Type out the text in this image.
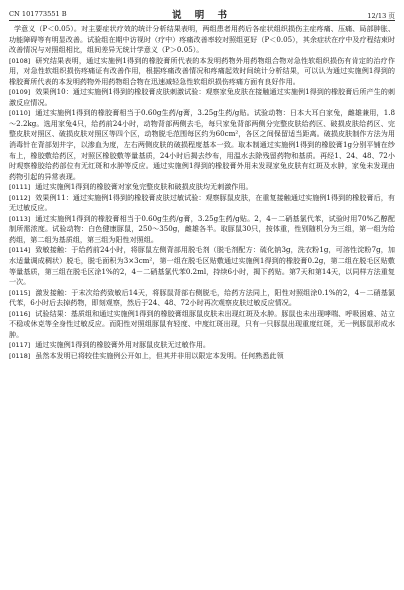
CN 101773551 B	说 明 书	12/13 页

学意义（P＜0.05）。对主要症状疗效的统计分析结果表明，两组患者用药后各症状组织损伤主症疼痛、压痛、局部肿胀、功能障碍等有明显改善。试验组在期中访视时（疗中）疼痛改善率较对照组更好（P＜0.05），其余症状在疗中及疗程结束时改善情况与对照组相比，组间差异无统计学意义（P＞0.05）。

[0108] 研究结果表明，通过实施例1得到的橡胶膏所代表的本发明药物外用药物组合物对急性软组织损伤有肯定的治疗作用，对急性软组织损伤疼痛证有改善作用，根据疼痛改善情况和疼痛起效时间统计分析结果，可以认为通过实施例1得到的橡胶膏所代表的本发明药物外用药物组合物在迅速减轻急性软组织损伤疼痛方面有良好作用。

[0109] 效果例10：通过实施例1得到的橡胶膏皮肤刺激试验：观察家兔皮肤在接触通过实施例1得到的橡胶膏后所产生的刺激反应情况。

[0110] 通过实施例1得到的橡胶膏相当于0.60g生药/g膏，3.25g生药/g贴。试验动物：日本大耳白家兔，雌雄兼用，1.8～2.2kg。选用家兔4只，给药前24小时，动物背部两侧去毛，每只家兔背部两侧分完整皮肤给药区、破损皮肤给药区、完整皮肤对照区、破损皮肤对照区等四个区，动物脱毛范围每区约为60cm²，各区之间保留适当距离。破损皮肤制作方法为用消毒针在背部划井字，以渗血为度，左右两侧皮肤的破损程度基本一致。取本制通过实施例1得到的橡胶膏1g分别平铺在纱布上，橡胶敷给药区，对照区橡胶敷等量基质，24小时后揭去纱布，用温水去除残留药物和基质。再经1、24、48、72小时观察橡胶给药部位有无红斑和水肿等反应。通过实施例1得到的橡胶膏外用未发现家兔皮肤有红斑及水肿，家兔未发现由药物引起的异常表现。

[0111] 通过实施例1得到的橡胶膏对家兔完整皮肤和破损皮肤均无刺激作用。

[0112] 效果例11：通过实施例1得到的橡胶膏皮肤过敏试验：观察豚鼠皮肤，在重复接触通过实施例1得到的橡胶膏后，有无过敏反应。

[0113] 通过实施例1得到的橡胶膏相当于0.60g生药/g膏，3.25g生药/g贴。2，4－二硝基氯代苯，试验时用70%乙醇配制所需浓度。试验动物：白色健康豚鼠，250～350g，雌雄各半。取豚鼠30只，按体重，性别随机分为三组，第一组为给药组，第二组为基质组，第三组为阳性对照组。

[0114] 致敏接触：于给药前24小时，将豚鼠左侧背部用脱毛剂（脱毛剂配方：硫化钠3g，洗衣粉1g，可溶性淀粉7g，加水适量调成稠状）脱毛，脱毛面积为3×3cm²，第一组在脱毛区贴敷通过实施例1得到的橡胶膏0.2g，第二组在脱毛区贴敷等量基质，第三组在脱毛区涂1%的2，4－二硝基氯代苯0.2ml，持续6小时，揭下药贴。第7天和第14天，以同样方法重复一次。

[0115] 激发接触：于末次给药致敏后14天，将豚鼠背部右侧脱毛，给药方法同上，阳性对照组涂0.1%的2，4－二硝基氯代苯，6小时后去掉药物，即刻观察，然后于24、48、72小时再次观察皮肤过敏反应情况。

[0116] 试验结果：基质组和通过实施例1得到的橡胶膏组豚鼠皮肤未出现红斑及水肿。豚鼠也未出现哮喘、呼吸困难、站立不稳或休克等全身性过敏反应。而阳性对照组豚鼠有轻度、中度红斑出现，只有一只豚鼠出现重度红斑，无一例豚鼠形成水肿。

[0117] 通过实施例1得到的橡胶膏外用对豚鼠皮肤无过敏作用。

[0118] 虽然本发明已将较佳实施例公开如上，但其并非用以限定本发明。任何熟悉此领
